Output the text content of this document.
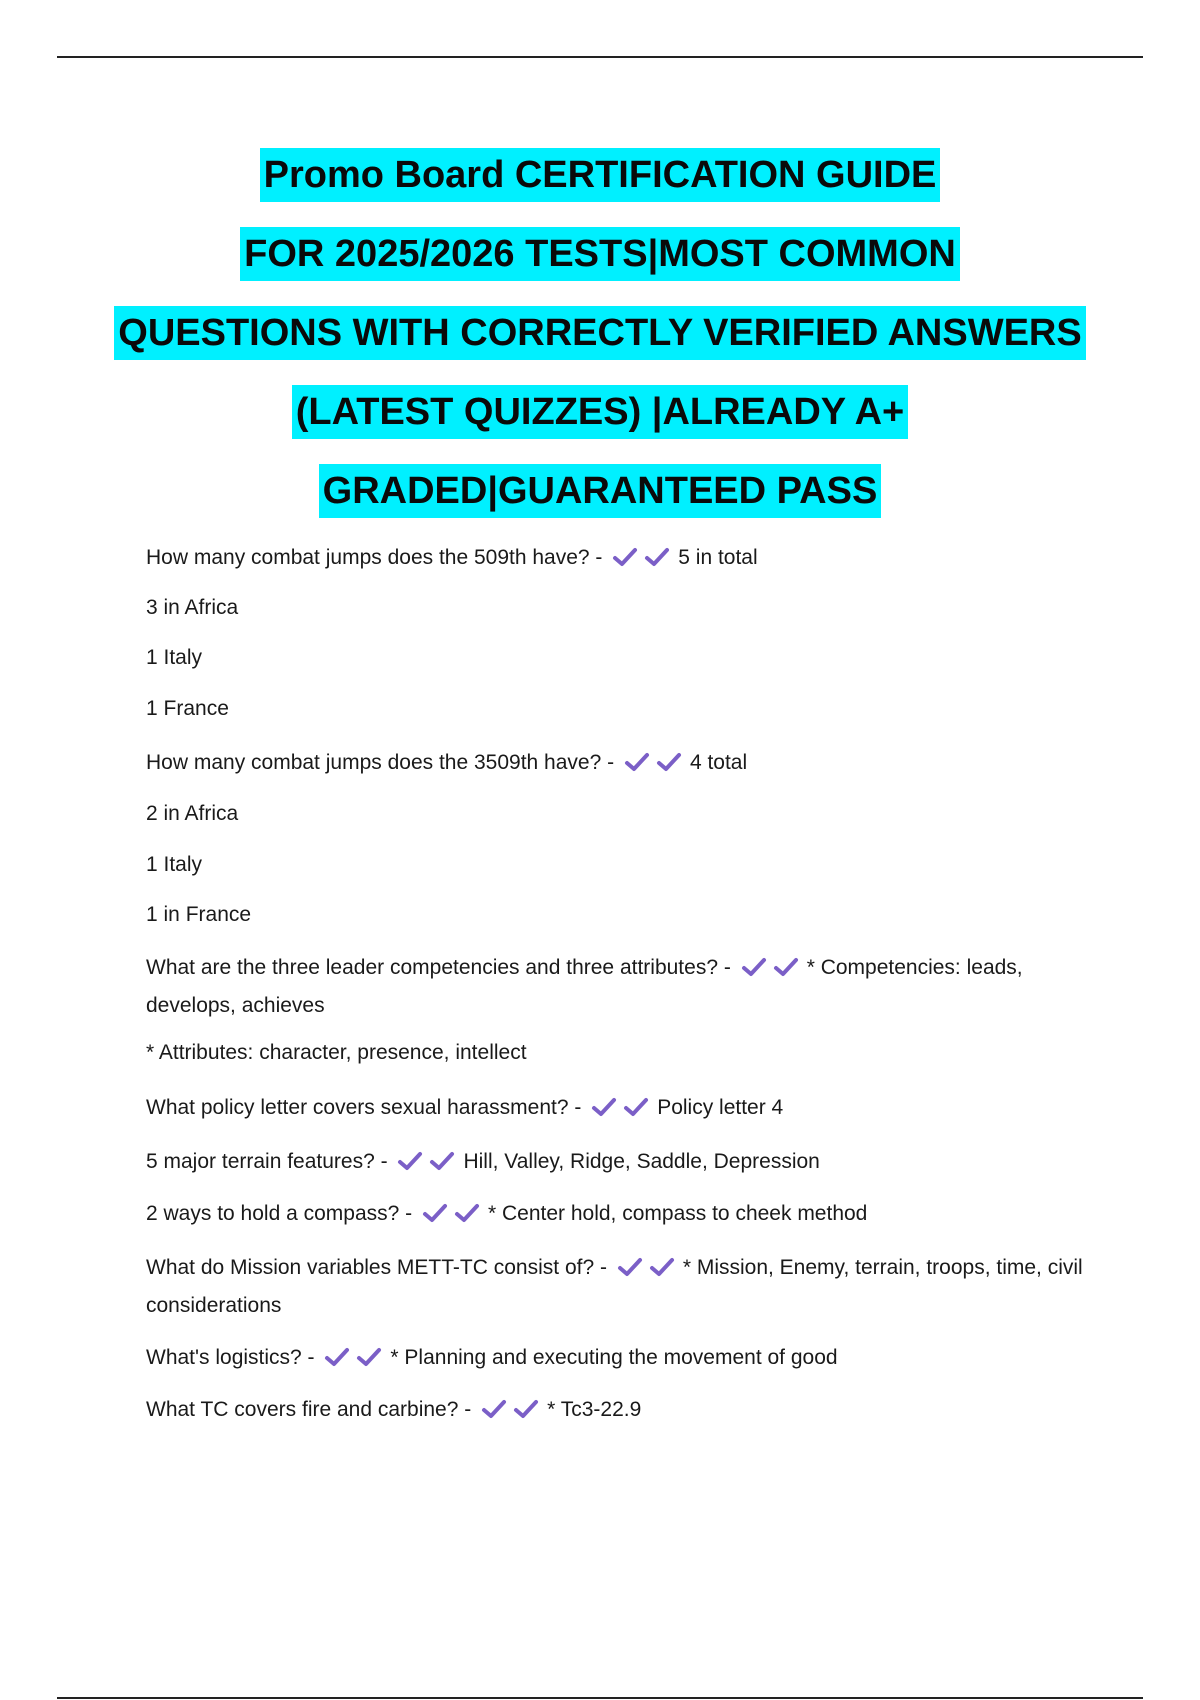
Promo Board CERTIFICATION GUIDE
FOR 2025/2026 TESTS|MOST COMMON
QUESTIONS WITH CORRECTLY VERIFIED ANSWERS
(LATEST QUIZZES) |ALREADY A+
GRADED|GUARANTEED PASS
How many combat jumps does the 509th have? -	5 in total
3 in Africa
1 Italy
1 France
How many combat jumps does the 3509th have? -	4 total
2 in Africa
1 Italy
1 in France
What are the three leader competencies and three attributes? -	* Competencies: leads, develops, achieves
* Attributes: character, presence, intellect
What policy letter covers sexual harassment? -	Policy letter 4
5 major terrain features? -	Hill, Valley, Ridge, Saddle, Depression
2 ways to hold a compass? -	* Center hold, compass to cheek method
What do Mission variables METT-TC consist of? -	* Mission, Enemy, terrain, troops, time, civil considerations
What's logistics? -	* Planning and executing the movement of good
What TC covers fire and carbine? -	* Tc3-22.9
